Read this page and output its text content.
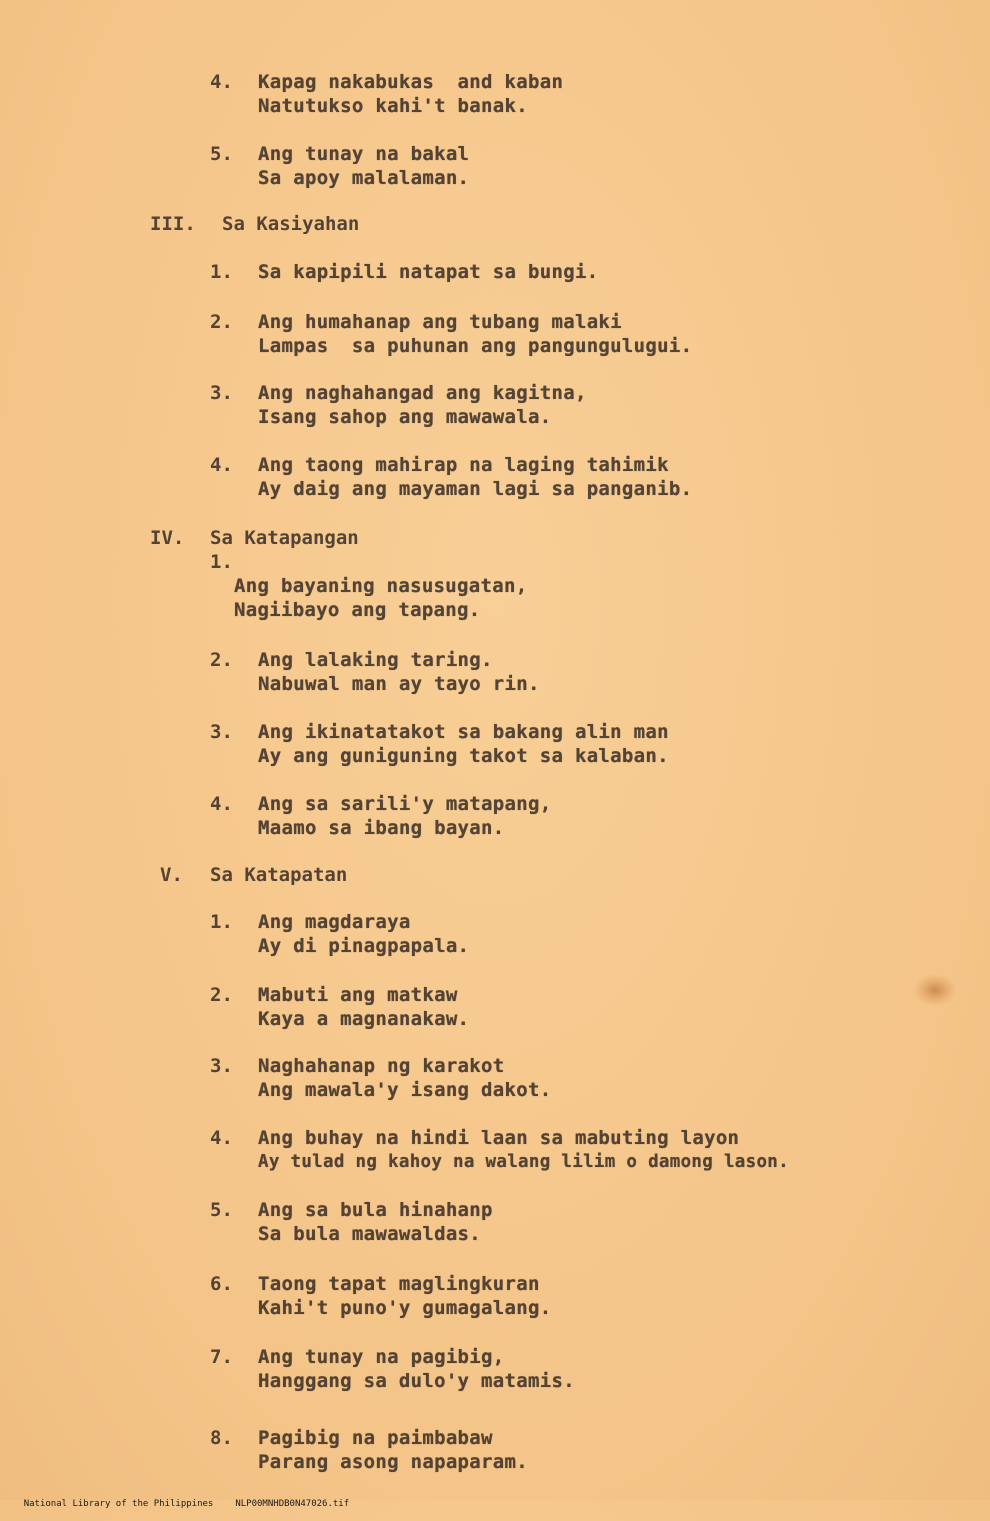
4. Kapag nakabukas  and kaban
Natutukso kahi't banak.
5. Ang tunay na bakal
Sa apoy malalaman.
III. Sa Kasiyahan
1. Sa kapipili natapat sa bungi.
2. Ang humahanap ang tubang malaki
Lampas  sa puhunan ang pangungulugui.
3. Ang naghahangad ang kagitna,
Isang sahop ang mawawala.
4. Ang taong mahirap na laging tahimik
Ay daig ang mayaman lagi sa panganib.
IV. Sa Katapangan
1.
Ang bayaning nasusugatan,
Nagiibayo ang tapang.
2. Ang lalaking taring.
Nabuwal man ay tayo rin.
3. Ang ikinatatakot sa bakang alin man
Ay ang guniguning takot sa kalaban.
4. Ang sa sarili'y matapang,
Maamo sa ibang bayan.
V. Sa Katapatan
1. Ang magdaraya
Ay di pinagpapala.
2. Mabuti ang matkaw
Kaya a magnanakaw.
3. Naghahanap ng karakot
Ang mawala'y isang dakot.
4. Ang buhay na hindi laan sa mabuting layon
Ay tulad ng kahoy na walang lilim o damong lason.
5. Ang sa bula hinahanp
Sa bula mawawaldas.
6. Taong tapat maglingkuran
Kahi't puno'y gumagalang.
7. Ang tunay na pagibig,
Hanggang sa dulo'y matamis.
8. Pagibig na paimbabaw
Parang asong napaparam.

National Library of the Philippines NLP00MNHDB0N47026.tif
